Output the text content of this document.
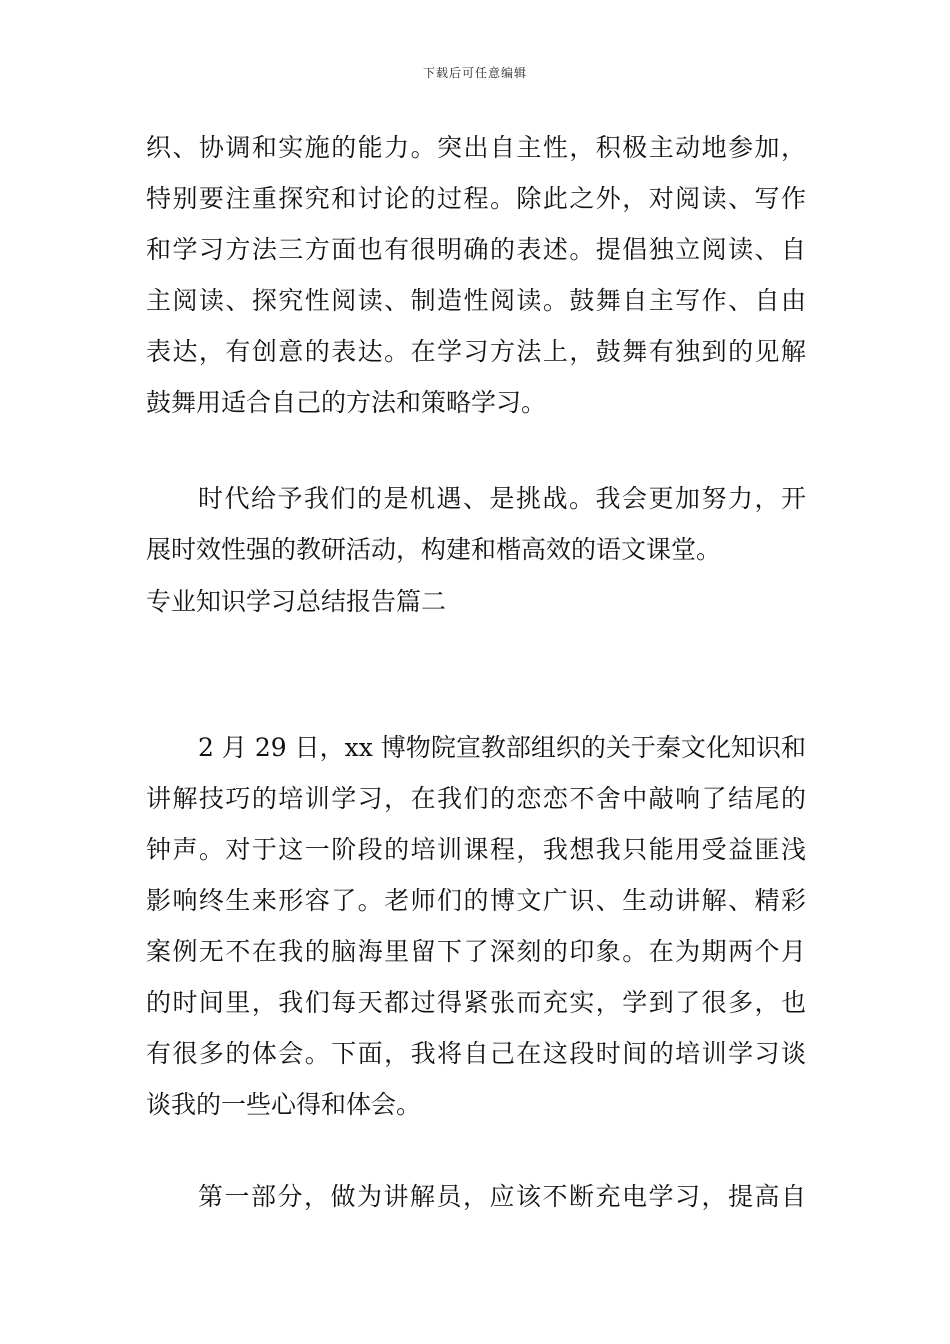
下载后可任意编辑
织、协调和实施的能力。突出自主性，积极主动地参加，
特别要注重探究和讨论的过程。除此之外，对阅读、写作
和学习方法三方面也有很明确的表述。提倡独立阅读、自
主阅读、探究性阅读、制造性阅读。鼓舞自主写作、自由
表达，有创意的表达。在学习方法上，鼓舞有独到的见解
鼓舞用适合自己的方法和策略学习。
时代给予我们的是机遇、是挑战。我会更加努力，开
展时效性强的教研活动，构建和楷高效的语文课堂。
专业知识学习总结报告篇二
2 月 29 日，xx 博物院宣教部组织的关于秦文化知识和
讲解技巧的培训学习，在我们的恋恋不舍中敲响了结尾的
钟声。对于这一阶段的培训课程，我想我只能用受益匪浅
影响终生来形容了。老师们的博文广识、生动讲解、精彩
案例无不在我的脑海里留下了深刻的印象。在为期两个月
的时间里，我们每天都过得紧张而充实，学到了很多，也
有很多的体会。下面，我将自己在这段时间的培训学习谈
谈我的一些心得和体会。
第一部分，做为讲解员，应该不断充电学习，提高自
